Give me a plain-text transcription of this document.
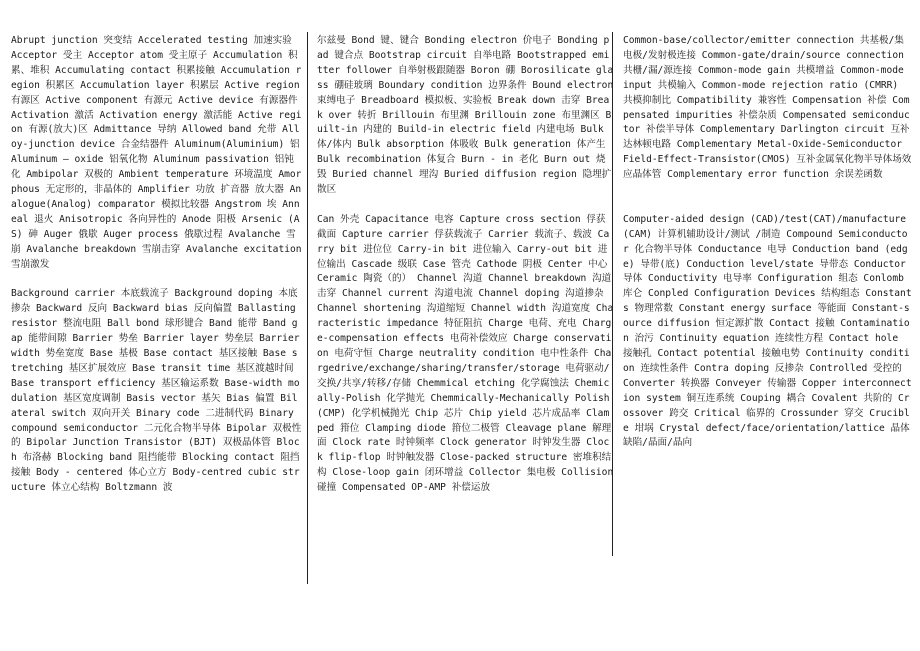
Abrupt junction 突变结 Accelerated testing 加速实验 Acceptor 受主 Acceptor atom 受主原子 Accumulation 积累、堆积 Accumulating contact 积累接触 Accumulation region 积累区 Accumulation layer 积累层 Active region 有源区 Active component 有源元 Active device 有源器件 Activation 激活 Activation energy 激活能 Active region 有源(放大)区 Admittance 导纳 Allowed band 允带 Alloy-junction device 合金结器件 Aluminum(Aluminium) 铝 Aluminum – oxide 铝氧化物 Aluminum passivation 铝钝化 Ambipolar 双极的 Ambient temperature 环境温度 Amorphous 无定形的，非晶体的 Amplifier 功放 扩音器 放大器 Analogue(Analog) comparator 模拟比较器 Angstrom 埃 Anneal 退火 Anisotropic 各向异性的 Anode 阳极 Arsenic (AS) 砷 Auger 俄歇 Auger process 俄歇过程 Avalanche 雪崩 Avalanche breakdown 雪崩击穿 Avalanche excitation 雪崩激发

Background carrier 本底载流子 Background doping 本底掺杂 Backward 反向 Backward bias 反向偏置 Ballasting resistor 整流电阻 Ball bond 球形键合 Band 能带 Band gap 能带间隙 Barrier 势垒 Barrier layer 势垒层 Barrier width 势垒宽度 Base 基极 Base contact 基区接触 Base stretching 基区扩展效应 Base transit time 基区渡越时间 Base transport efficiency 基区输运系数 Base-width modulation 基区宽度调制 Basis vector 基矢 Bias 偏置 Bilateral switch 双向开关 Binary code 二进制代码 Binary compound semiconductor 二元化合物半导体 Bipolar 双极性的 Bipolar Junction Transistor (BJT) 双极晶体管 Bloch 布洛赫 Blocking band 阻挡能带 Blocking contact 阻挡接触 Body - centered 体心立方 Body-centred cubic structure 体立心结构 Boltzmann 波

尔兹曼 Bond 键、键合 Bonding electron 价电子 Bonding pad 键合点 Bootstrap circuit 自举电路 Bootstrapped emitter follower 自举射极跟随器 Boron 硼 Borosilicate glass 硼硅玻璃 Boundary condition 边界条件 Bound electron 束缚电子 Breadboard 模拟板、实验板 Break down 击穿 Break over 转折 Brillouin 布里渊 Brillouin zone 布里渊区 Built-in 内建的 Build-in electric field 内建电场 Bulk 体/体内 Bulk absorption 体吸收 Bulk generation 体产生 Bulk recombination 体复合 Burn - in 老化 Burn out 烧毁 Buried channel 埋沟 Buried diffusion region 隐埋扩散区

Can 外壳 Capacitance 电容 Capture cross section 俘获截面 Capture carrier 俘获载流子 Carrier 载流子、载波 Carry bit 进位位 Carry-in bit 进位输入 Carry-out bit 进位输出 Cascade 级联 Case 管壳 Cathode 阴极 Center 中心 Ceramic 陶瓷（的） Channel 沟道 Channel breakdown 沟道击穿 Channel current 沟道电流 Channel doping 沟道掺杂 Channel shortening 沟道缩短 Channel width 沟道宽度 Characteristic impedance 特征阻抗 Charge 电荷、充电 Charge-compensation effects 电荷补偿效应 Charge conservation 电荷守恒 Charge neutrality condition 电中性条件 Chargedrive/exchange/sharing/transfer/storage 电荷驱动/交换/共享/转移/存储 Chemmical etching 化学腐蚀法 Chemically-Polish 化学抛光 Chemmically-Mechanically Polish (CMP) 化学机械抛光 Chip 芯片 Chip yield 芯片成品率 Clamped 箝位 Clamping diode 箝位二极管 Cleavage plane 解理面 Clock rate 时钟频率 Clock generator 时钟发生器 Clock flip-flop 时钟触发器 Close-packed structure 密堆积结构 Close-loop gain 闭环增益 Collector 集电极 Collision 碰撞 Compensated OP-AMP 补偿运放

Common-base/collector/emitter connection 共基极/集电极/发射极连接 Common-gate/drain/source connection 共栅/漏/源连接 Common-mode gain 共模增益 Common-mode input 共模输入 Common-mode rejection ratio (CMRR) 共模抑制比 Compatibility 兼容性 Compensation 补偿 Compensated impurities 补偿杂质 Compensated semiconductor 补偿半导体 Complementary Darlington circuit 互补达林顿电路 Complementary Metal-Oxide-Semiconductor Field-Effect-Transistor(CMOS) 互补金属氧化物半导体场效应晶体管 Complementary error function 余误差函数

Computer-aided design (CAD)/test(CAT)/manufacture(CAM) 计算机辅助设计/测试 /制造 Compound Semiconductor 化合物半导体 Conductance 电导 Conduction band (edge) 导带(底) Conduction level/state 导带态 Conductor 导体 Conductivity 电导率 Configuration 组态 Conlomb 库仑 Conpled Configuration Devices 结构组态 Constants 物理常数 Constant energy surface 等能面 Constant-source diffusion 恒定源扩散 Contact 接触 Contamination 治污 Continuity equation 连续性方程 Contact hole 接触孔 Contact potential 接触电势 Continuity condition 连续性条件 Contra doping 反掺杂 Controlled 受控的 Converter 转换器 Conveyer 传输器 Copper interconnection system 铜互连系统 Couping 耦合 Covalent 共阶的 Crossover 跨交 Critical 临界的 Crossunder 穿交 Crucible 坩埚 Crystal defect/face/orientation/lattice 晶体缺陷/晶面/晶向
